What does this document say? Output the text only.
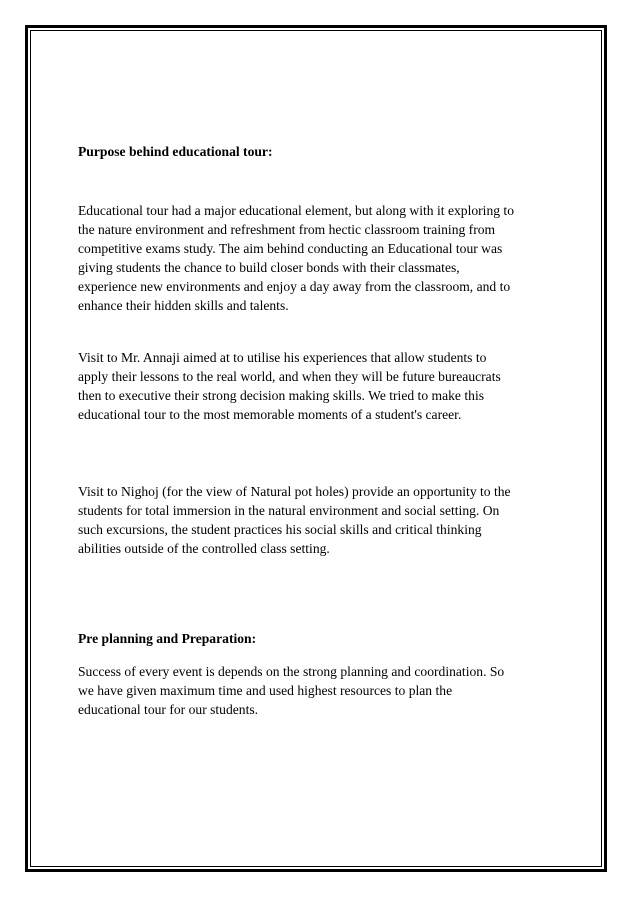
Purpose behind educational tour:

Educational tour had a major educational element, but along with it exploring to
the nature environment and refreshment from hectic classroom training from
competitive exams study. The aim behind conducting an Educational tour was
giving students the chance to build closer bonds with their classmates,
experience new environments and enjoy a day away from the classroom, and to
enhance their hidden skills and talents.

Visit to Mr. Annaji aimed at to utilise his experiences that allow students to
apply their lessons to the real world, and when they will be future bureaucrats
then to executive their strong decision making skills. We tried to make this
educational tour to the most memorable moments of a student's career.

Visit to Nighoj (for the view of Natural pot holes) provide an opportunity to the
students for total immersion in the natural environment and social setting. On
such excursions, the student practices his social skills and critical thinking
abilities outside of the controlled class setting.

Pre planning and Preparation:

Success of every event is depends on the strong planning and coordination. So
we have given maximum time and used highest resources to plan the
educational tour for our students.
